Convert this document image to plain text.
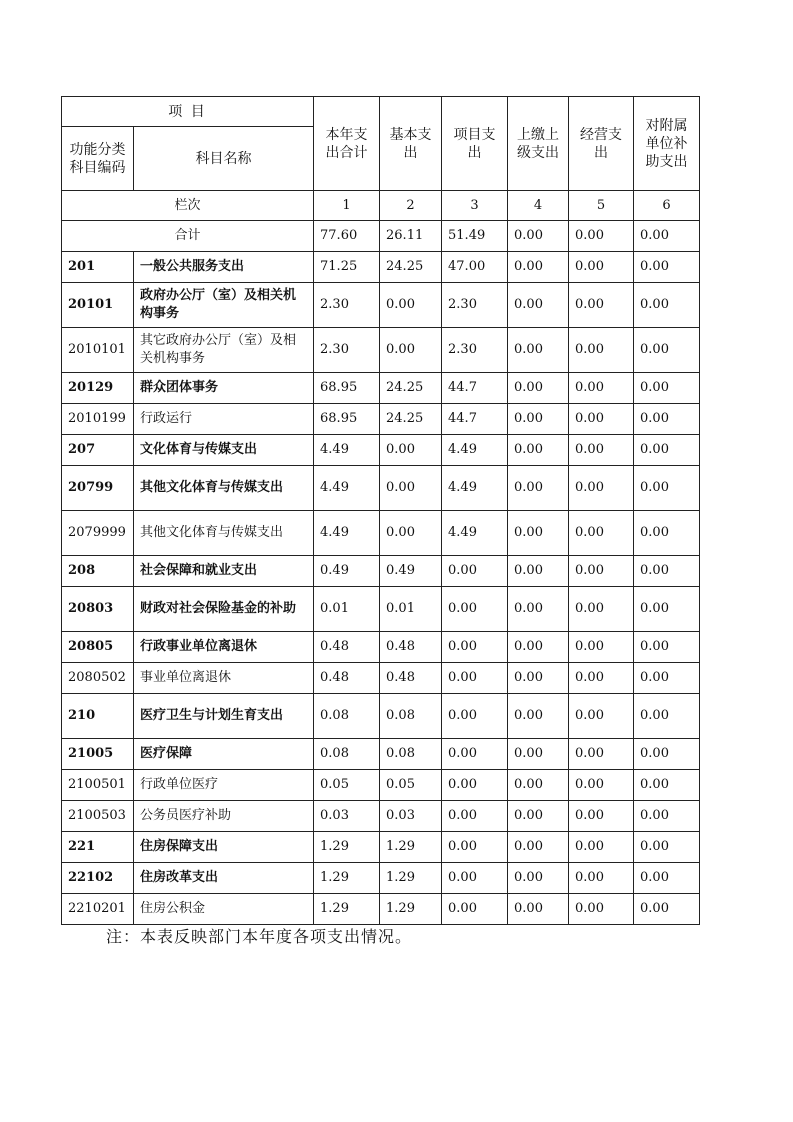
项 目		本年支出合计	基本支出	项目支出	上缴上级支出	经营支出	对附属单位补助支出
功能分类科目编码	科目名称						
栏次		1	2	3	4	5	6
合计		77.60	26.11	51.49	0.00	0.00	0.00
201	一般公共服务支出	71.25	24.25	47.00	0.00	0.00	0.00
20101	政府办公厅（室）及相关机构事务	2.30	0.00	2.30	0.00	0.00	0.00
2010101	其它政府办公厅（室）及相关机构事务	2.30	0.00	2.30	0.00	0.00	0.00
20129	群众团体事务	68.95	24.25	44.7	0.00	0.00	0.00
2010199	行政运行	68.95	24.25	44.7	0.00	0.00	0.00
207	文化体育与传媒支出	4.49	0.00	4.49	0.00	0.00	0.00
20799	其他文化体育与传媒支出	4.49	0.00	4.49	0.00	0.00	0.00
2079999	其他文化体育与传媒支出	4.49	0.00	4.49	0.00	0.00	0.00
208	社会保障和就业支出	0.49	0.49	0.00	0.00	0.00	0.00
20803	财政对社会保险基金的补助	0.01	0.01	0.00	0.00	0.00	0.00
20805	行政事业单位离退休	0.48	0.48	0.00	0.00	0.00	0.00
2080502	事业单位离退休	0.48	0.48	0.00	0.00	0.00	0.00
210	医疗卫生与计划生育支出	0.08	0.08	0.00	0.00	0.00	0.00
21005	医疗保障	0.08	0.08	0.00	0.00	0.00	0.00
2100501	行政单位医疗	0.05	0.05	0.00	0.00	0.00	0.00
2100503	公务员医疗补助	0.03	0.03	0.00	0.00	0.00	0.00
221	住房保障支出	1.29	1.29	0.00	0.00	0.00	0.00
22102	住房改革支出	1.29	1.29	0.00	0.00	0.00	0.00
2210201	住房公积金	1.29	1.29	0.00	0.00	0.00	0.00
注：本表反映部门本年度各项支出情况。
